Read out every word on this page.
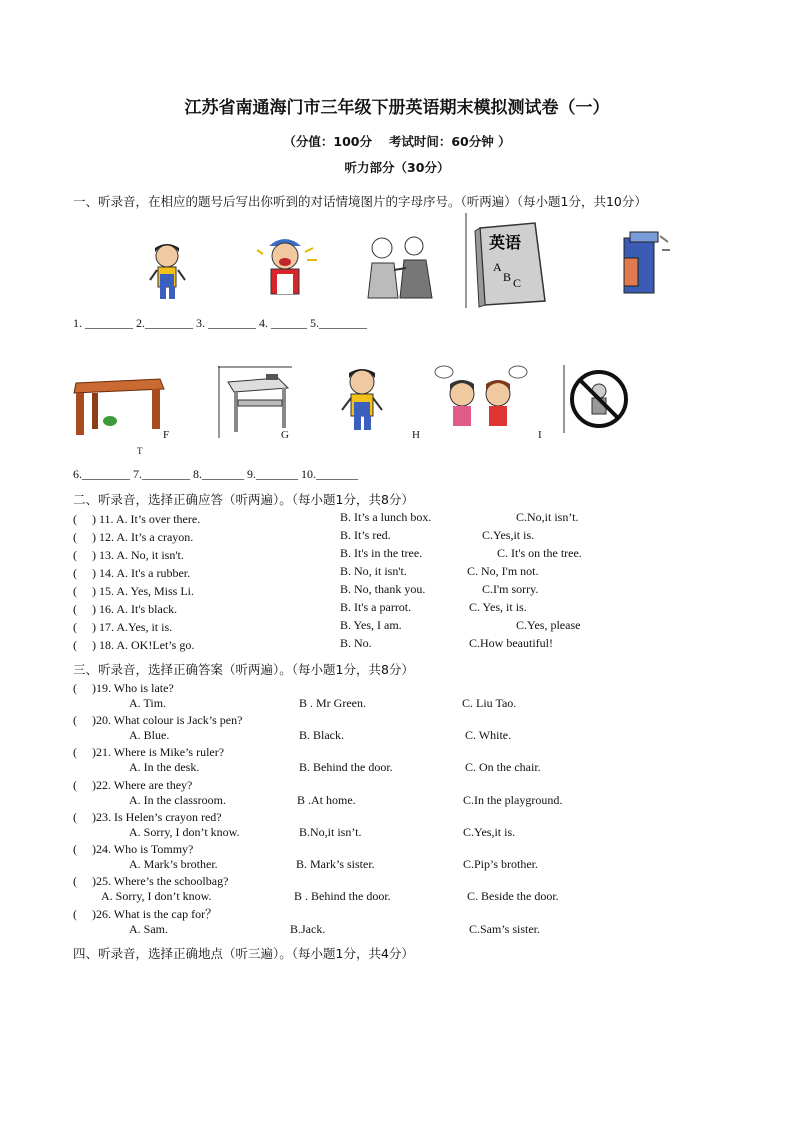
江苏省南通海门市三年级下册英语期末模拟测试卷（一）
（分值：100分　 考试时间：60分钟 ）
听力部分（30分）
一、听录音，在相应的题号后写出你听到的对话情境图片的字母序号。（听两遍）（每小题1分，共10分）
英语
A
B C
1. ________ 2.________ 3. ________ 4. ______ 5.________
T
F	G	H	I
6.________ 7.________ 8._______ 9._______ 10._______
二、听录音，选择正确应答（听两遍）。（每小题1分，共8分）
(　 ) 11. A. It’s over there.	B. It’s a lunch box.	C.No,it isn’t.
(　 ) 12. A. It’s a crayon.	B. It’s red.	C.Yes,it is.
(　 ) 13. A. No, it isn't.	B. It's in the tree.	C. It's on the tree.
(　 ) 14. A. It's a rubber.	B. No, it isn't.	C. No, I'm not.
(　 ) 15. A. Yes, Miss Li.	B. No, thank you.	C.I'm sorry.
(　 ) 16. A. It's black.	B. It's a parrot.	C. Yes, it is.
(　 ) 17. A.Yes, it is.	B. Yes, I am.	C.Yes, please
(　 ) 18. A. OK!Let’s go.	B. No.	C.How beautiful!
三、听录音，选择正确答案（听两遍）。（每小题1分，共8分）
(　 )19. Who is late?
A. Tim.	B . Mr Green.	C. Liu Tao.
(　 )20. What colour is Jack’s pen?
A. Blue.	B. Black.	C. White.
(　 )21. Where is Mike’s ruler?
A. In the desk.	B. Behind the door.	C. On the chair.
(　 )22. Where are they?
A. In the classroom.	B .At home.	C.In the playground.
(　 )23. Is Helen’s crayon red?
A. Sorry, I don’t know.	B.No,it isn’t.	C.Yes,it is.
(　 )24. Who is Tommy?
A. Mark’s brother.	B. Mark’s sister.	C.Pip’s brother.
(　 )25. Where’s the schoolbag?
A. Sorry, I don’t know.	B . Behind the door.	C. Beside the door.
(　 )26. What is the cap for？
A. Sam.	B.Jack.	C.Sam’s sister.
四、听录音，选择正确地点（听三遍）。（每小题1分，共4分）
